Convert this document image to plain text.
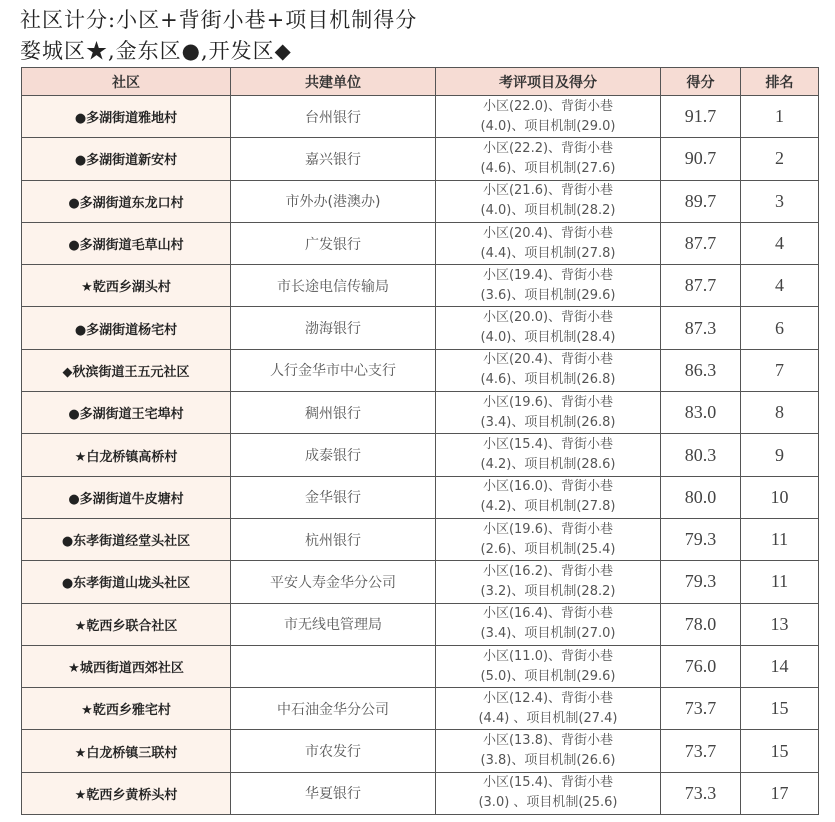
社区计分:小区+背街小巷+项目机制得分
婺城区★,金东区●,开发区◆
社区	共建单位	考评项目及得分	得分	排名
●多湖街道雅地村	台州银行	小区(22.0)、背街小巷
(4.0)、项目机制(29.0)	91.7	1
●多湖街道新安村	嘉兴银行	小区(22.2)、背街小巷
(4.6)、项目机制(27.6)	90.7	2
●多湖街道东龙口村	市外办(港澳办)	小区(21.6)、背街小巷
(4.0)、项目机制(28.2)	89.7	3
●多湖街道毛草山村	广发银行	小区(20.4)、背街小巷
(4.4)、项目机制(27.8)	87.7	4
★乾西乡湖头村	市长途电信传输局	小区(19.4)、背街小巷
(3.6)、项目机制(29.6)	87.7	4
●多湖街道杨宅村	渤海银行	小区(20.0)、背街小巷
(4.0)、项目机制(28.4)	87.3	6
◆秋滨街道王五元社区	人行金华市中心支行	小区(20.4)、背街小巷
(4.6)、项目机制(26.8)	86.3	7
●多湖街道王宅埠村	稠州银行	小区(19.6)、背街小巷
(3.4)、项目机制(26.8)	83.0	8
★白龙桥镇高桥村	成泰银行	小区(15.4)、背街小巷
(4.2)、项目机制(28.6)	80.3	9
●多湖街道牛皮塘村	金华银行	小区(16.0)、背街小巷
(4.2)、项目机制(27.8)	80.0	10
●东孝街道经堂头社区	杭州银行	小区(19.6)、背街小巷
(2.6)、项目机制(25.4)	79.3	11
●东孝街道山垅头社区	平安人寿金华分公司	小区(16.2)、背街小巷
(3.2)、项目机制(28.2)	79.3	11
★乾西乡联合社区	市无线电管理局	小区(16.4)、背街小巷
(3.4)、项目机制(27.0)	78.0	13
★城西街道西郊社区		小区(11.0)、背街小巷
(5.0)、项目机制(29.6)	76.0	14
★乾西乡雅宅村	中石油金华分公司	小区(12.4)、背街小巷
(4.4) 、项目机制(27.4)	73.7	15
★白龙桥镇三联村	市农发行	小区(13.8)、背街小巷
(3.8)、项目机制(26.6)	73.7	15
★乾西乡黄桥头村	华夏银行	小区(15.4)、背街小巷
(3.0) 、项目机制(25.6)	73.3	17
